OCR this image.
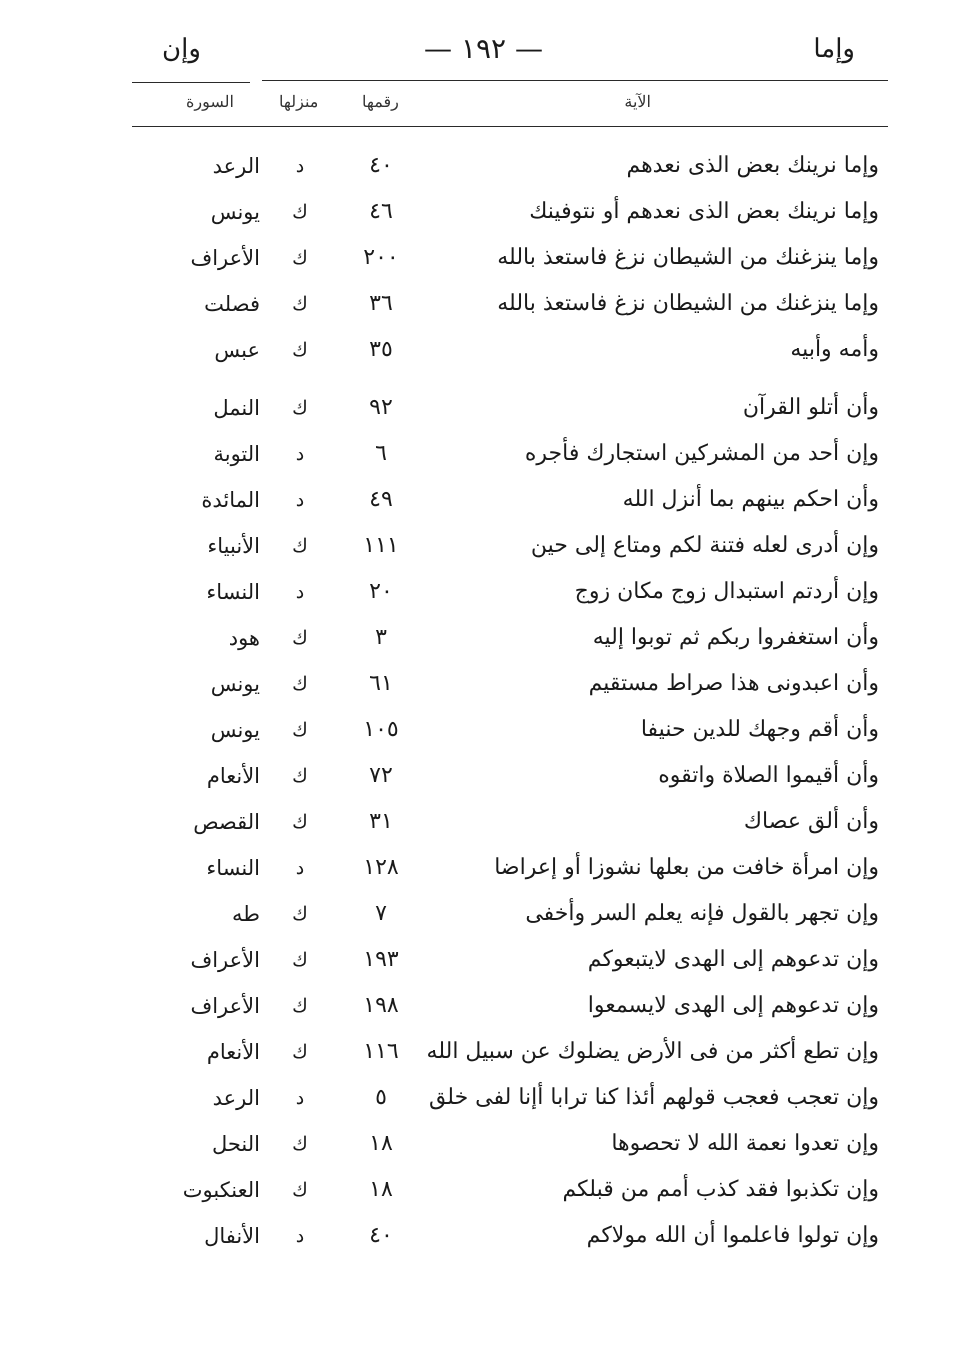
وإما
— ١٩٢ —
وإن
الآية
رقمها
منزلها
السورة
وإما نرينك بعض الذى نعدهم
٤٠
د
الرعد
وإما نرينك بعض الذى نعدهم أو نتوفينك
٤٦
ك
يونس
وإما ينزغنك من الشيطان نزغ فاستعذ بالله
٢٠٠
ك
الأعراف
وإما ينزغنك من الشيطان نزغ فاستعذ بالله
٣٦
ك
فصلت
وأمه وأبيه
٣٥
ك
عبس
وأن أتلو القرآن
٩٢
ك
النمل
وإن أحد من المشركين استجارك فأجره
٦
د
التوبة
وأن احكم بينهم بما أنزل الله
٤٩
د
المائدة
وإن أدرى لعله فتنة لكم ومتاع إلى حين
١١١
ك
الأنبياء
وإن أردتم استبدال زوج مكان زوج
٢٠
د
النساء
وأن استغفروا ربكم ثم توبوا إليه
٣
ك
هود
وأن اعبدونى هذا صراط مستقيم
٦١
ك
يونس
وأن أقم وجهك للدين حنيفا
١٠٥
ك
يونس
وأن أقيموا الصلاة واتقوه
٧٢
ك
الأنعام
وأن ألق عصاك
٣١
ك
القصص
وإن امرأة خافت من بعلها نشوزا أو إعراضا
١٢٨
د
النساء
وإن تجهر بالقول فإنه يعلم السر وأخفى
٧
ك
طه
وإن تدعوهم إلى الهدى لايتبعوكم
١٩٣
ك
الأعراف
وإن تدعوهم إلى الهدى لايسمعوا
١٩٨
ك
الأعراف
وإن تطع أكثر من فى الأرض يضلوك عن سبيل الله
١١٦
ك
الأنعام
وإن تعجب فعجب قولهم أئذا كنا ترابا أإنا لفى خلق
٥
د
الرعد
وإن تعدوا نعمة الله لا تحصوها
١٨
ك
النحل
وإن تكذبوا فقد كذب أمم من قبلكم
١٨
ك
العنكبوت
وإن تولوا فاعلموا أن الله مولاكم
٤٠
د
الأنفال
